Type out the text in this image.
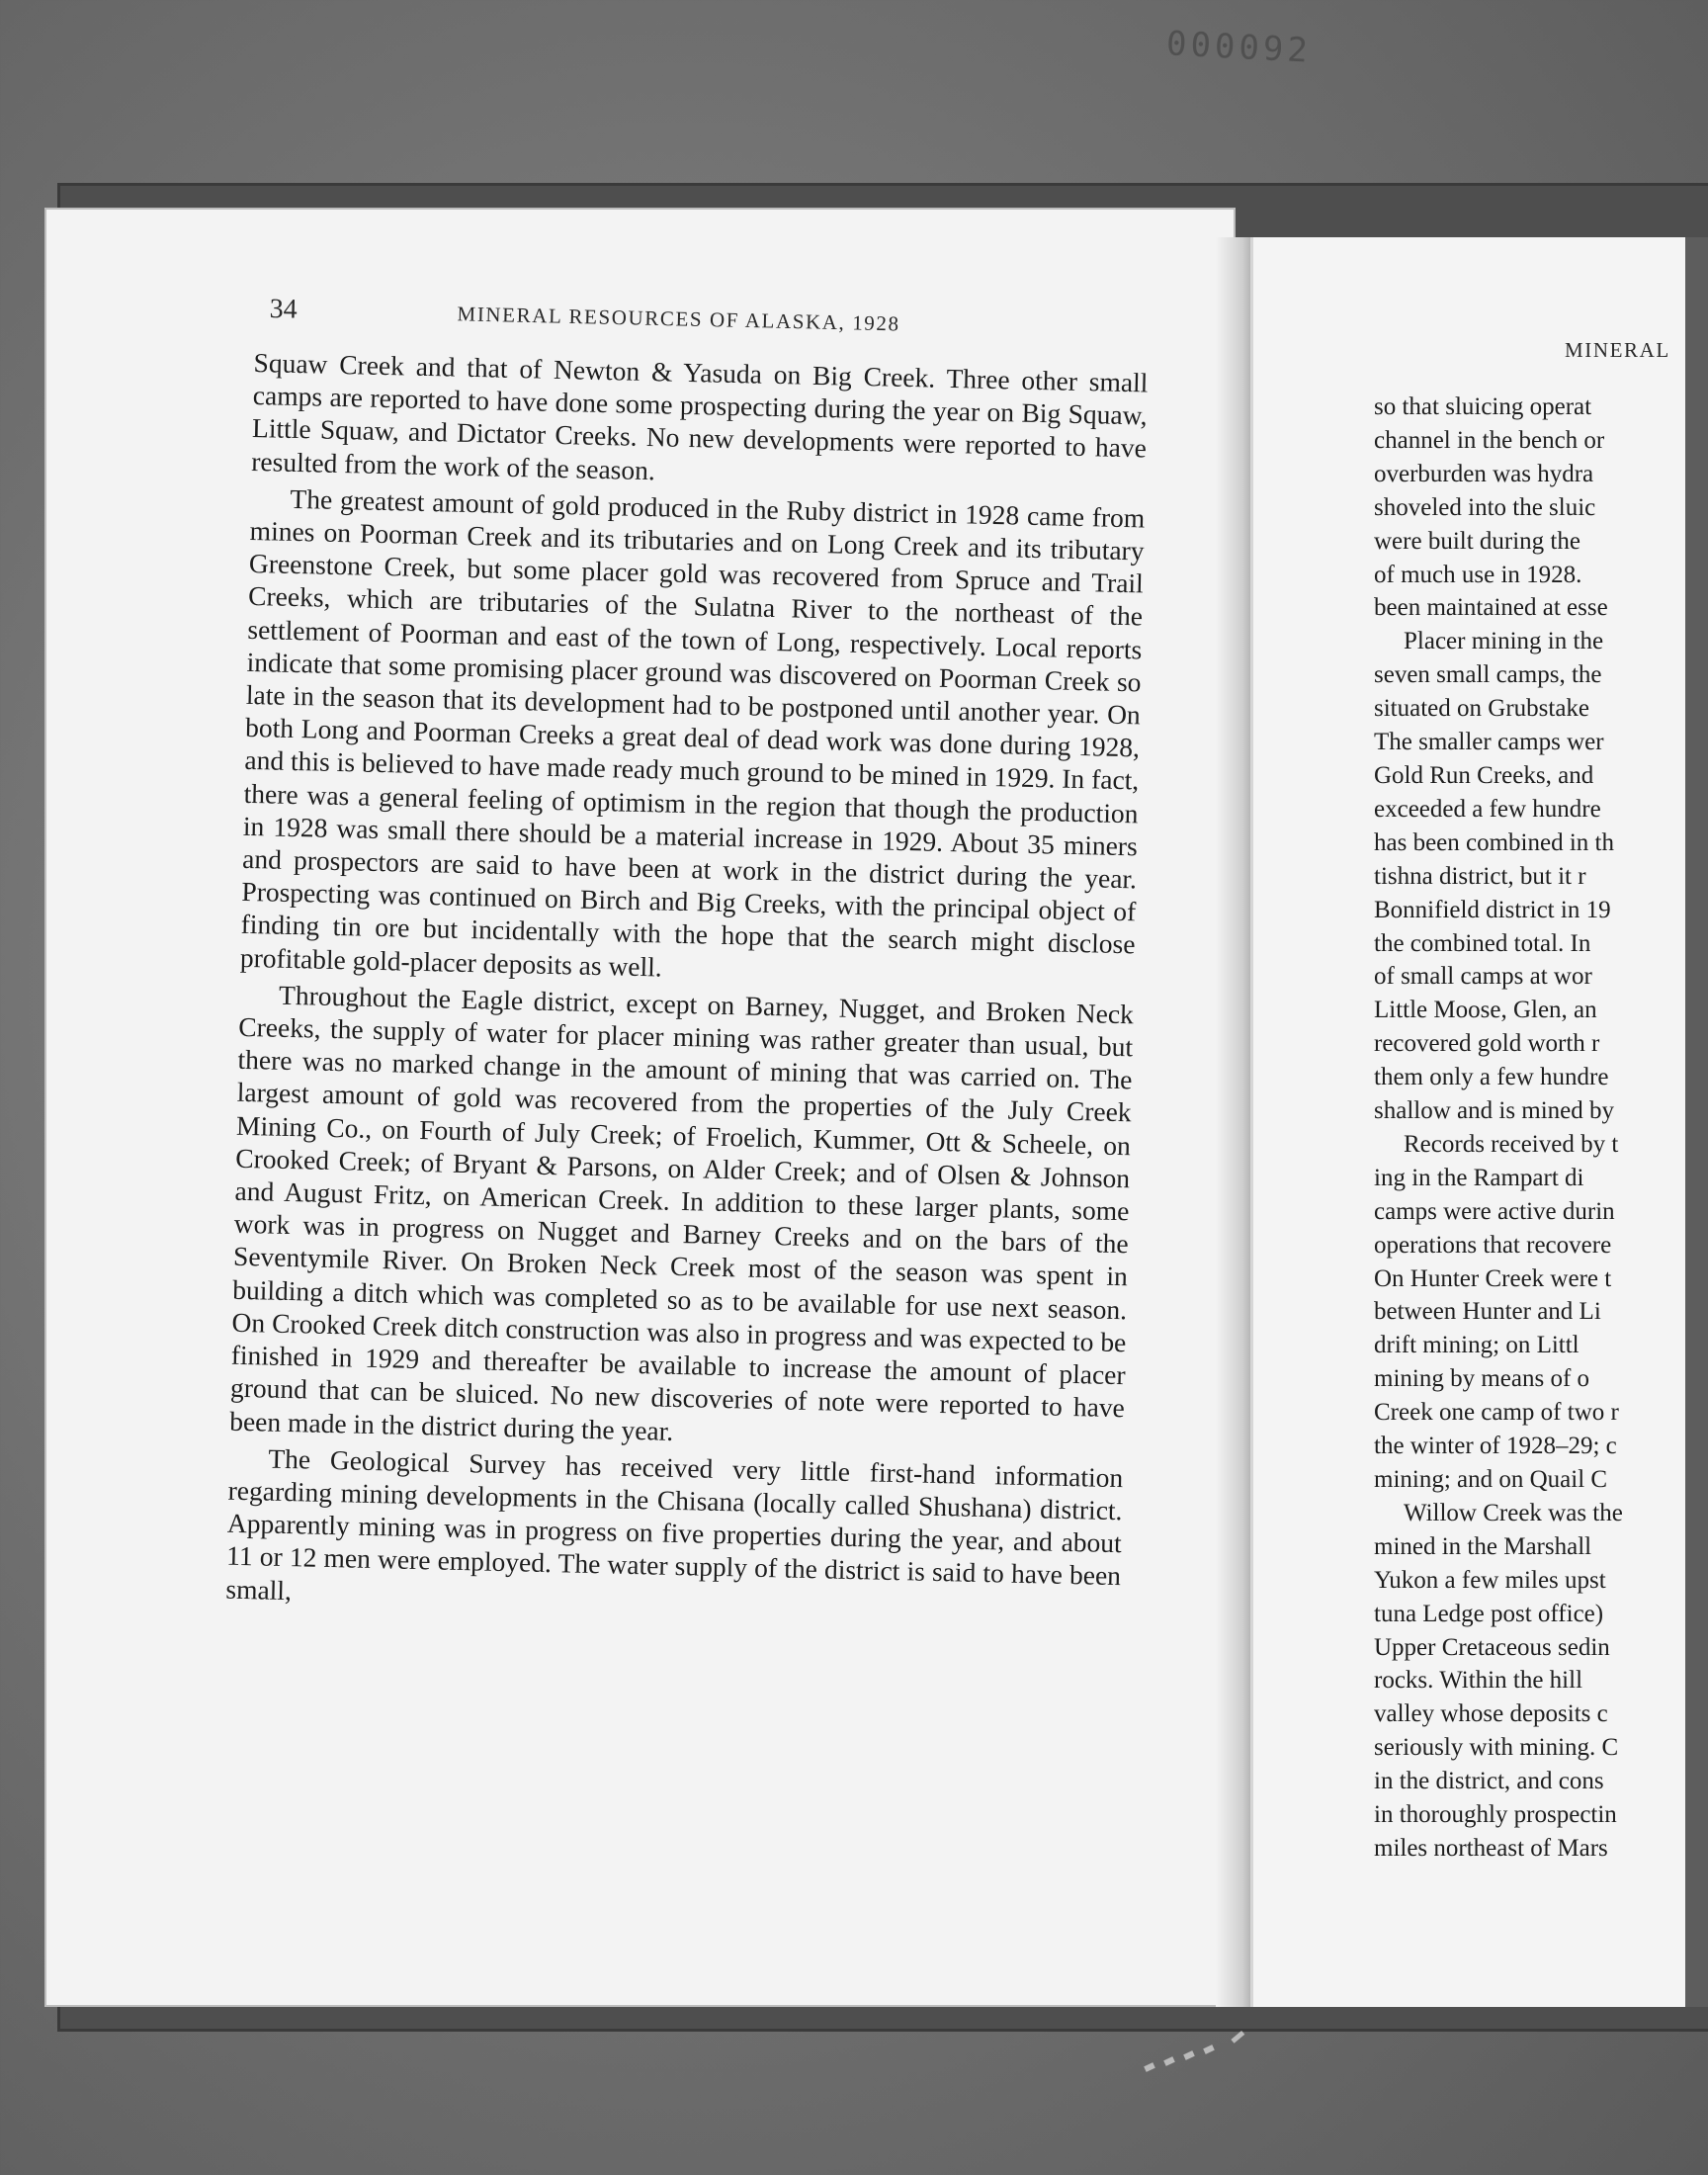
000092
34	MINERAL RESOURCES OF ALASKA, 1928

Squaw Creek and that of Newton & Yasuda on Big Creek. Three other small camps are reported to have done some prospecting during the year on Big Squaw, Little Squaw, and Dictator Creeks. No new developments were reported to have resulted from the work of the season.

The greatest amount of gold produced in the Ruby district in 1928 came from mines on Poorman Creek and its tributaries and on Long Creek and its tributary Greenstone Creek, but some placer gold was recovered from Spruce and Trail Creeks, which are tributaries of the Sulatna River to the northeast of the settlement of Poorman and east of the town of Long, respectively. Local reports indicate that some promising placer ground was discovered on Poorman Creek so late in the season that its development had to be postponed until another year. On both Long and Poorman Creeks a great deal of dead work was done during 1928, and this is believed to have made ready much ground to be mined in 1929. In fact, there was a general feeling of optimism in the region that though the production in 1928 was small there should be a material increase in 1929. About 35 miners and prospectors are said to have been at work in the district during the year. Prospecting was continued on Birch and Big Creeks, with the principal object of finding tin ore but incidentally with the hope that the search might disclose profitable gold-placer deposits as well.

Throughout the Eagle district, except on Barney, Nugget, and Broken Neck Creeks, the supply of water for placer mining was rather greater than usual, but there was no marked change in the amount of mining that was carried on. The largest amount of gold was recovered from the properties of the July Creek Mining Co., on Fourth of July Creek; of Froelich, Kummer, Ott & Scheele, on Crooked Creek; of Bryant & Parsons, on Alder Creek; and of Olsen & Johnson and August Fritz, on American Creek. In addition to these larger plants, some work was in progress on Nugget and Barney Creeks and on the bars of the Seventymile River. On Broken Neck Creek most of the season was spent in building a ditch which was completed so as to be available for use next season. On Crooked Creek ditch construction was also in progress and was expected to be finished in 1929 and thereafter be available to increase the amount of placer ground that can be sluiced. No new discoveries of note were reported to have been made in the district during the year.

The Geological Survey has received very little first-hand information regarding mining developments in the Chisana (locally called Shushana) district. Apparently mining was in progress on five properties during the year, and about 11 or 12 men were employed. The water supply of the district is said to have been small,

MINERAL
so that sluicing operat
channel in the bench or
overburden was hydra
shoveled into the sluic
were built during the
of much use in 1928.
been maintained at esse
Placer mining in the
seven small camps, the
situated on Grubstake
The smaller camps wer
Gold Run Creeks, and
exceeded a few hundre
has been combined in th
tishna district, but it r
Bonnifield district in 19
the combined total. In
of small camps at wor
Little Moose, Glen, an
recovered gold worth r
them only a few hundre
shallow and is mined by
Records received by t
ing in the Rampart di
camps were active durin
operations that recovere
On Hunter Creek were t
between Hunter and Li
drift mining; on Littl
mining by means of o
Creek one camp of two r
the winter of 1928–29; c
mining; and on Quail C
Willow Creek was the
mined in the Marshall
Yukon a few miles upst
tuna Ledge post office)
Upper Cretaceous sedin
rocks. Within the hill
valley whose deposits c
seriously with mining. C
in the district, and cons
in thoroughly prospectin
miles northeast of Mars
